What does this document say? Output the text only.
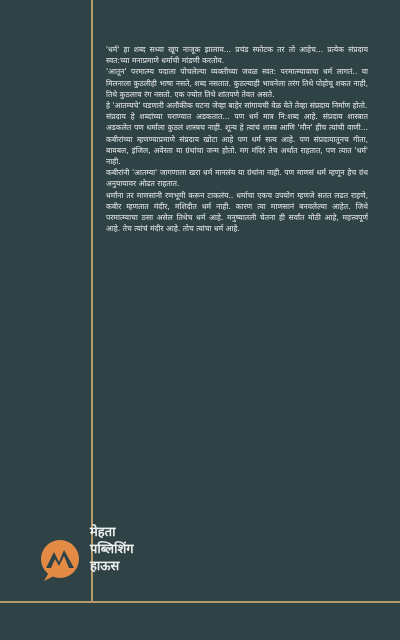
'धर्म' हा शब्द सध्या खूप नाजूक झालाय... प्रचंड स्फोटक तर तो आहेच... प्रत्येक संप्रदाय स्वत:च्या मनाप्रमाणे धर्माची मांडणी करतोय.

'आतून' परमात्म्य पदाला पोचलेल्या व्यक्तीच्या जवळ स्वत: परमात्म्यावाचा धर्म लागतं.. या मिलनाला कुठलीही भाषा नसते, शब्द नसतात. कुठल्याही भावनेला तरंग तिथे पोहोचू शकत नाही, तिथे कुठलाच रंग नसतो. एक ज्योत तिथे शांतपणे तेवत असते.

हे 'आतम्यचे' घडणारी अलौकीक घटना जेव्हा बाहेर सांगायची वेळ येते तेव्हा संप्रदाय निर्माण होतो.

संप्रदाय हे शब्दांच्या घराण्यात अडकतात... पण धर्म मात्र नि:शब्द आहे. संप्रदाय शास्त्रात अडकलेत पण धर्माला कुठलं शास्त्रच नाही. शून्य हे त्यांचं शास्त्र आणि 'मौन' हीच त्यांची वाणी... कबीरांच्या म्हणण्याप्रमाणे संप्रदाय खोटा आहे पण धर्म सत्य आहे. पण संप्रदायातूनच गीता, बायबल, इंजिल, अवेस्ता या ग्रंथांचा जन्म होतो. मग मंदिरं तेच अर्थात राहतात, पण त्यात 'धर्म' नाही.

कबीरांनी 'आतम्या' जागणाला खरा धर्म मानलंय या ग्रंथांना नाही. पण माणसं धर्म म्हणून हेच ग्रंथ अनुयायावर ओढत राहतात.

धर्मांना तर माणसांनी रणभूमी करून टाकलंय.. धर्माचा एकच उपयोग म्हणजे सतत लढत राहणे, कबीर म्हणतात मंदीर, मशिदीत धर्म नाही. कारण त्या माणसानं बनवलेल्या आहेत. जिथे परमात्म्याचा ठसा असेल तिथेच धर्म आहे. मनुष्यातली चेतना ही सर्वांत मोठी आहे, महत्त्वपूर्ण आहे. तेच त्यांचं मंदीर आहे. तोच त्यांचा धर्म आहे.

मेहता
पब्लिशिंग
हाऊस
